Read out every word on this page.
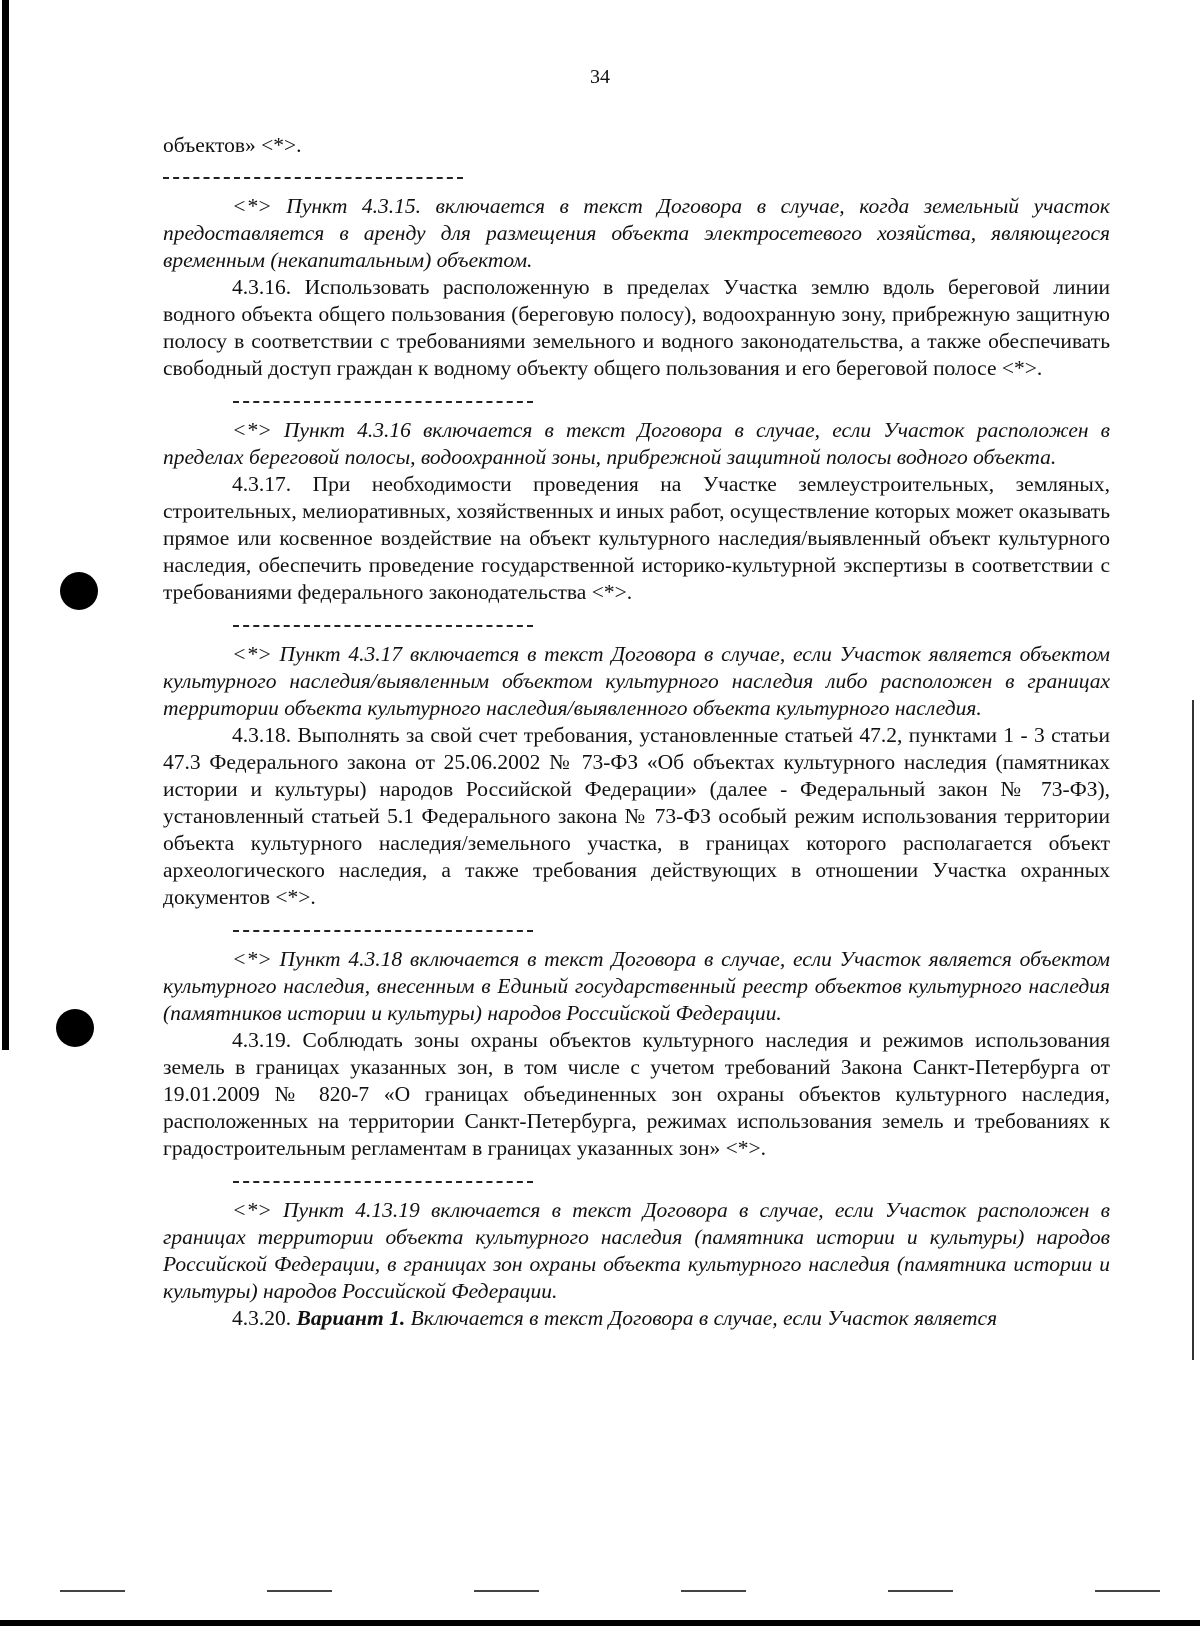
34

объектов» <*>.

<*> Пункт 4.3.15. включается в текст Договора в случае, когда земельный участок предоставляется в аренду для размещения объекта электросетевого хозяйства, являющегося временным (некапитальным) объектом.

4.3.16. Использовать расположенную в пределах Участка землю вдоль береговой линии водного объекта общего пользования (береговую полосу), водоохранную зону, прибрежную защитную полосу в соответствии с требованиями земельного и водного законодательства, а также обеспечивать свободный доступ граждан к водному объекту общего пользования и его береговой полосе <*>.

<*> Пункт 4.3.16 включается в текст Договора в случае, если Участок расположен в пределах береговой полосы, водоохранной зоны, прибрежной защитной полосы водного объекта.

4.3.17. При необходимости проведения на Участке землеустроительных, земляных, строительных, мелиоративных, хозяйственных и иных работ, осуществление которых может оказывать прямое или косвенное воздействие на объект культурного наследия/выявленный объект культурного наследия, обеспечить проведение государственной историко-культурной экспертизы в соответствии с требованиями федерального законодательства <*>.

<*> Пункт 4.3.17 включается в текст Договора в случае, если Участок является объектом культурного наследия/выявленным объектом культурного наследия либо расположен в границах территории объекта культурного наследия/выявленного объекта культурного наследия.

4.3.18. Выполнять за свой счет требования, установленные статьей 47.2, пунктами 1 - 3 статьи 47.3 Федерального закона от 25.06.2002 № 73-ФЗ «Об объектах культурного наследия (памятниках истории и культуры) народов Российской Федерации» (далее - Федеральный закон № 73-ФЗ), установленный статьей 5.1 Федерального закона № 73-ФЗ особый режим использования территории объекта культурного наследия/земельного участка, в границах которого располагается объект археологического наследия, а также требования действующих в отношении Участка охранных документов <*>.

<*> Пункт 4.3.18 включается в текст Договора в случае, если Участок является объектом культурного наследия, внесенным в Единый государственный реестр объектов культурного наследия (памятников истории и культуры) народов Российской Федерации.

4.3.19. Соблюдать зоны охраны объектов культурного наследия и режимов использования земель в границах указанных зон, в том числе с учетом требований Закона Санкт-Петербурга от 19.01.2009 № 820-7 «О границах объединенных зон охраны объектов культурного наследия, расположенных на территории Санкт-Петербурга, режимах использования земель и требованиях к градостроительным регламентам в границах указанных зон» <*>.

<*> Пункт 4.13.19 включается в текст Договора в случае, если Участок расположен в границах территории объекта культурного наследия (памятника истории и культуры) народов Российской Федерации, в границах зон охраны объекта культурного наследия (памятника истории и культуры) народов Российской Федерации.

4.3.20. Вариант 1. Включается в текст Договора в случае, если Участок является
